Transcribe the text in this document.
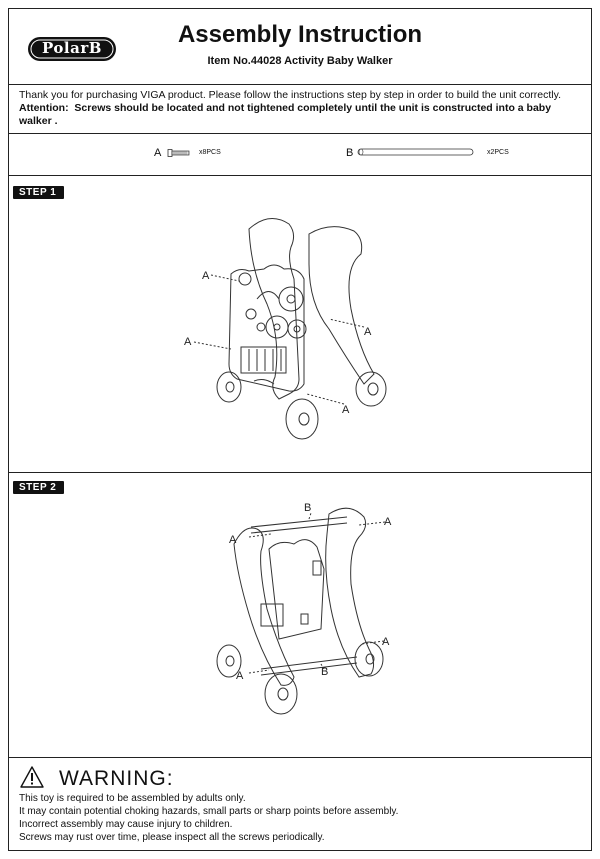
PolarB	Assembly Instruction
Item No.44028 Activity Baby Walker
Thank you for purchasing VIGA product. Please follow the instructions step by step in order to build the unit correctly.
Attention: Screws should be located and not tightened completely until the unit is constructed into a baby walker .
A	x8PCS	B	x2PCS
STEP 1
A
A
A
A
STEP 2
B
A
A
A
A	B
WARNING:
This toy is required to be assembled by adults only.
It may contain potential choking hazards, small parts or sharp points before assembly.
Incorrect assembly may cause injury to children.
Screws may rust over time, please inspect all the screws periodically.
